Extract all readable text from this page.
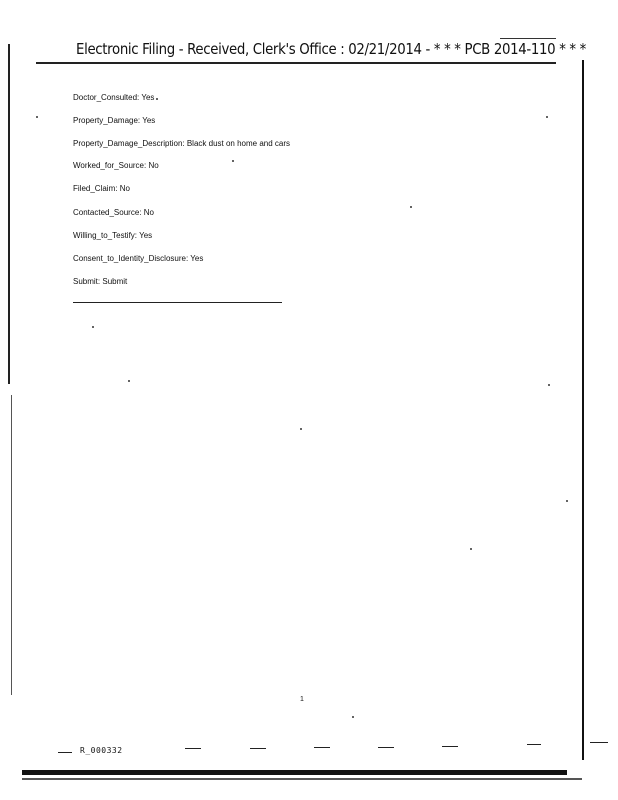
Electronic Filing - Received, Clerk's Office : 02/21/2014 - * * * PCB 2014-110 * * *
Doctor_Consulted: Yes
Property_Damage: Yes
Property_Damage_Description: Black dust on home and cars
Worked_for_Source: No
Filed_Claim: No
Contacted_Source: No
Willing_to_Testify: Yes
Consent_to_Identity_Disclosure: Yes
Submit: Submit
1
R_000332
